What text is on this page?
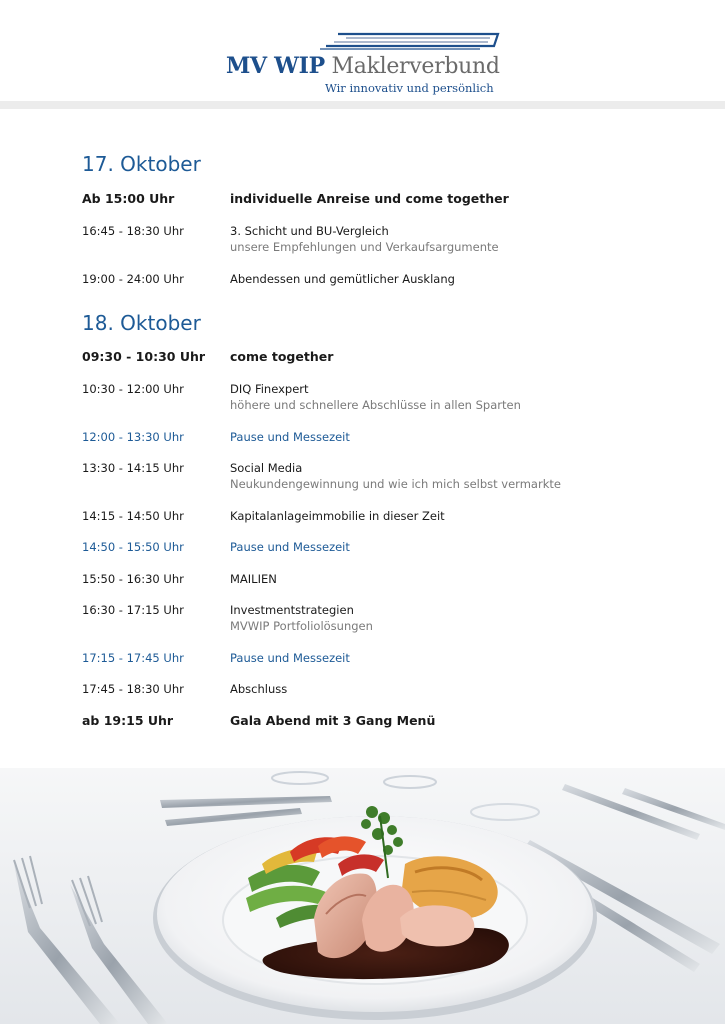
MV WIP Maklerverbund
Wir innovativ und persönlich
17. Oktober
Ab 15:00 Uhr	individuelle Anreise und come together
16:45 - 18:30 Uhr	3. Schicht und BU-Vergleich
unsere Empfehlungen und Verkaufsargumente
19:00 - 24:00 Uhr	Abendessen und gemütlicher Ausklang
18. Oktober
09:30 - 10:30 Uhr come together
10:30 - 12:00 Uhr	DIQ Finexpert
höhere und schnellere Abschlüsse in allen Sparten
12:00 - 13:30 Uhr	Pause und Messezeit
13:30 - 14:15 Uhr	Social Media
Neukundengewinnung und wie ich mich selbst vermarkte
14:15 - 14:50 Uhr	Kapitalanlageimmobilie in dieser Zeit
14:50 - 15:50 Uhr	Pause und Messezeit
15:50 - 16:30 Uhr	MAILIEN
16:30 - 17:15 Uhr	Investmentstrategien
MVWIP Portfoliolösungen
17:15 - 17:45 Uhr	Pause und Messezeit
17:45 - 18:30 Uhr	Abschluss
ab 19:15 Uhr	Gala Abend mit 3 Gang Menü
